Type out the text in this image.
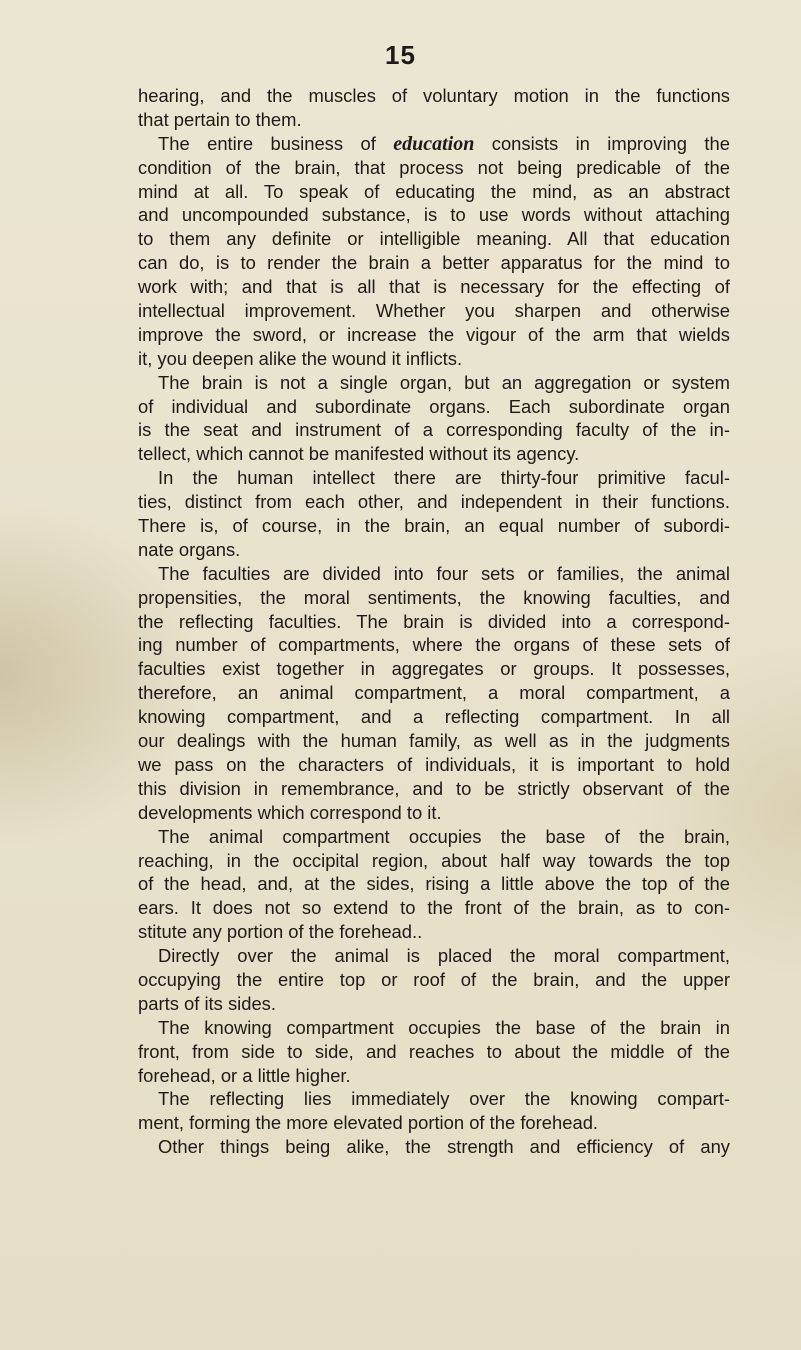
15
hearing, and the muscles of voluntary motion in the functions
that pertain to them.
The entire business of education consists in improving the
condition of the brain, that process not being predicable of the
mind at all. To speak of educating the mind, as an abstract
and uncompounded substance, is to use words without attaching
to them any definite or intelligible meaning. All that education
can do, is to render the brain a better apparatus for the mind to
work with; and that is all that is necessary for the effecting of
intellectual improvement. Whether you sharpen and otherwise
improve the sword, or increase the vigour of the arm that wields
it, you deepen alike the wound it inflicts.
The brain is not a single organ, but an aggregation or system
of individual and subordinate organs. Each subordinate organ
is the seat and instrument of a corresponding faculty of the in-
tellect, which cannot be manifested without its agency.
In the human intellect there are thirty-four primitive facul-
ties, distinct from each other, and independent in their functions.
There is, of course, in the brain, an equal number of subordi-
nate organs.
The faculties are divided into four sets or families, the animal
propensities, the moral sentiments, the knowing faculties, and
the reflecting faculties. The brain is divided into a correspond-
ing number of compartments, where the organs of these sets of
faculties exist together in aggregates or groups. It possesses,
therefore, an animal compartment, a moral compartment, a
knowing compartment, and a reflecting compartment. In all
our dealings with the human family, as well as in the judgments
we pass on the characters of individuals, it is important to hold
this division in remembrance, and to be strictly observant of the
developments which correspond to it.
The animal compartment occupies the base of the brain,
reaching, in the occipital region, about half way towards the top
of the head, and, at the sides, rising a little above the top of the
ears. It does not so extend to the front of the brain, as to con-
stitute any portion of the forehead..
Directly over the animal is placed the moral compartment,
occupying the entire top or roof of the brain, and the upper
parts of its sides.
The knowing compartment occupies the base of the brain in
front, from side to side, and reaches to about the middle of the
forehead, or a little higher.
The reflecting lies immediately over the knowing compart-
ment, forming the more elevated portion of the forehead.
Other things being alike, the strength and efficiency of any
